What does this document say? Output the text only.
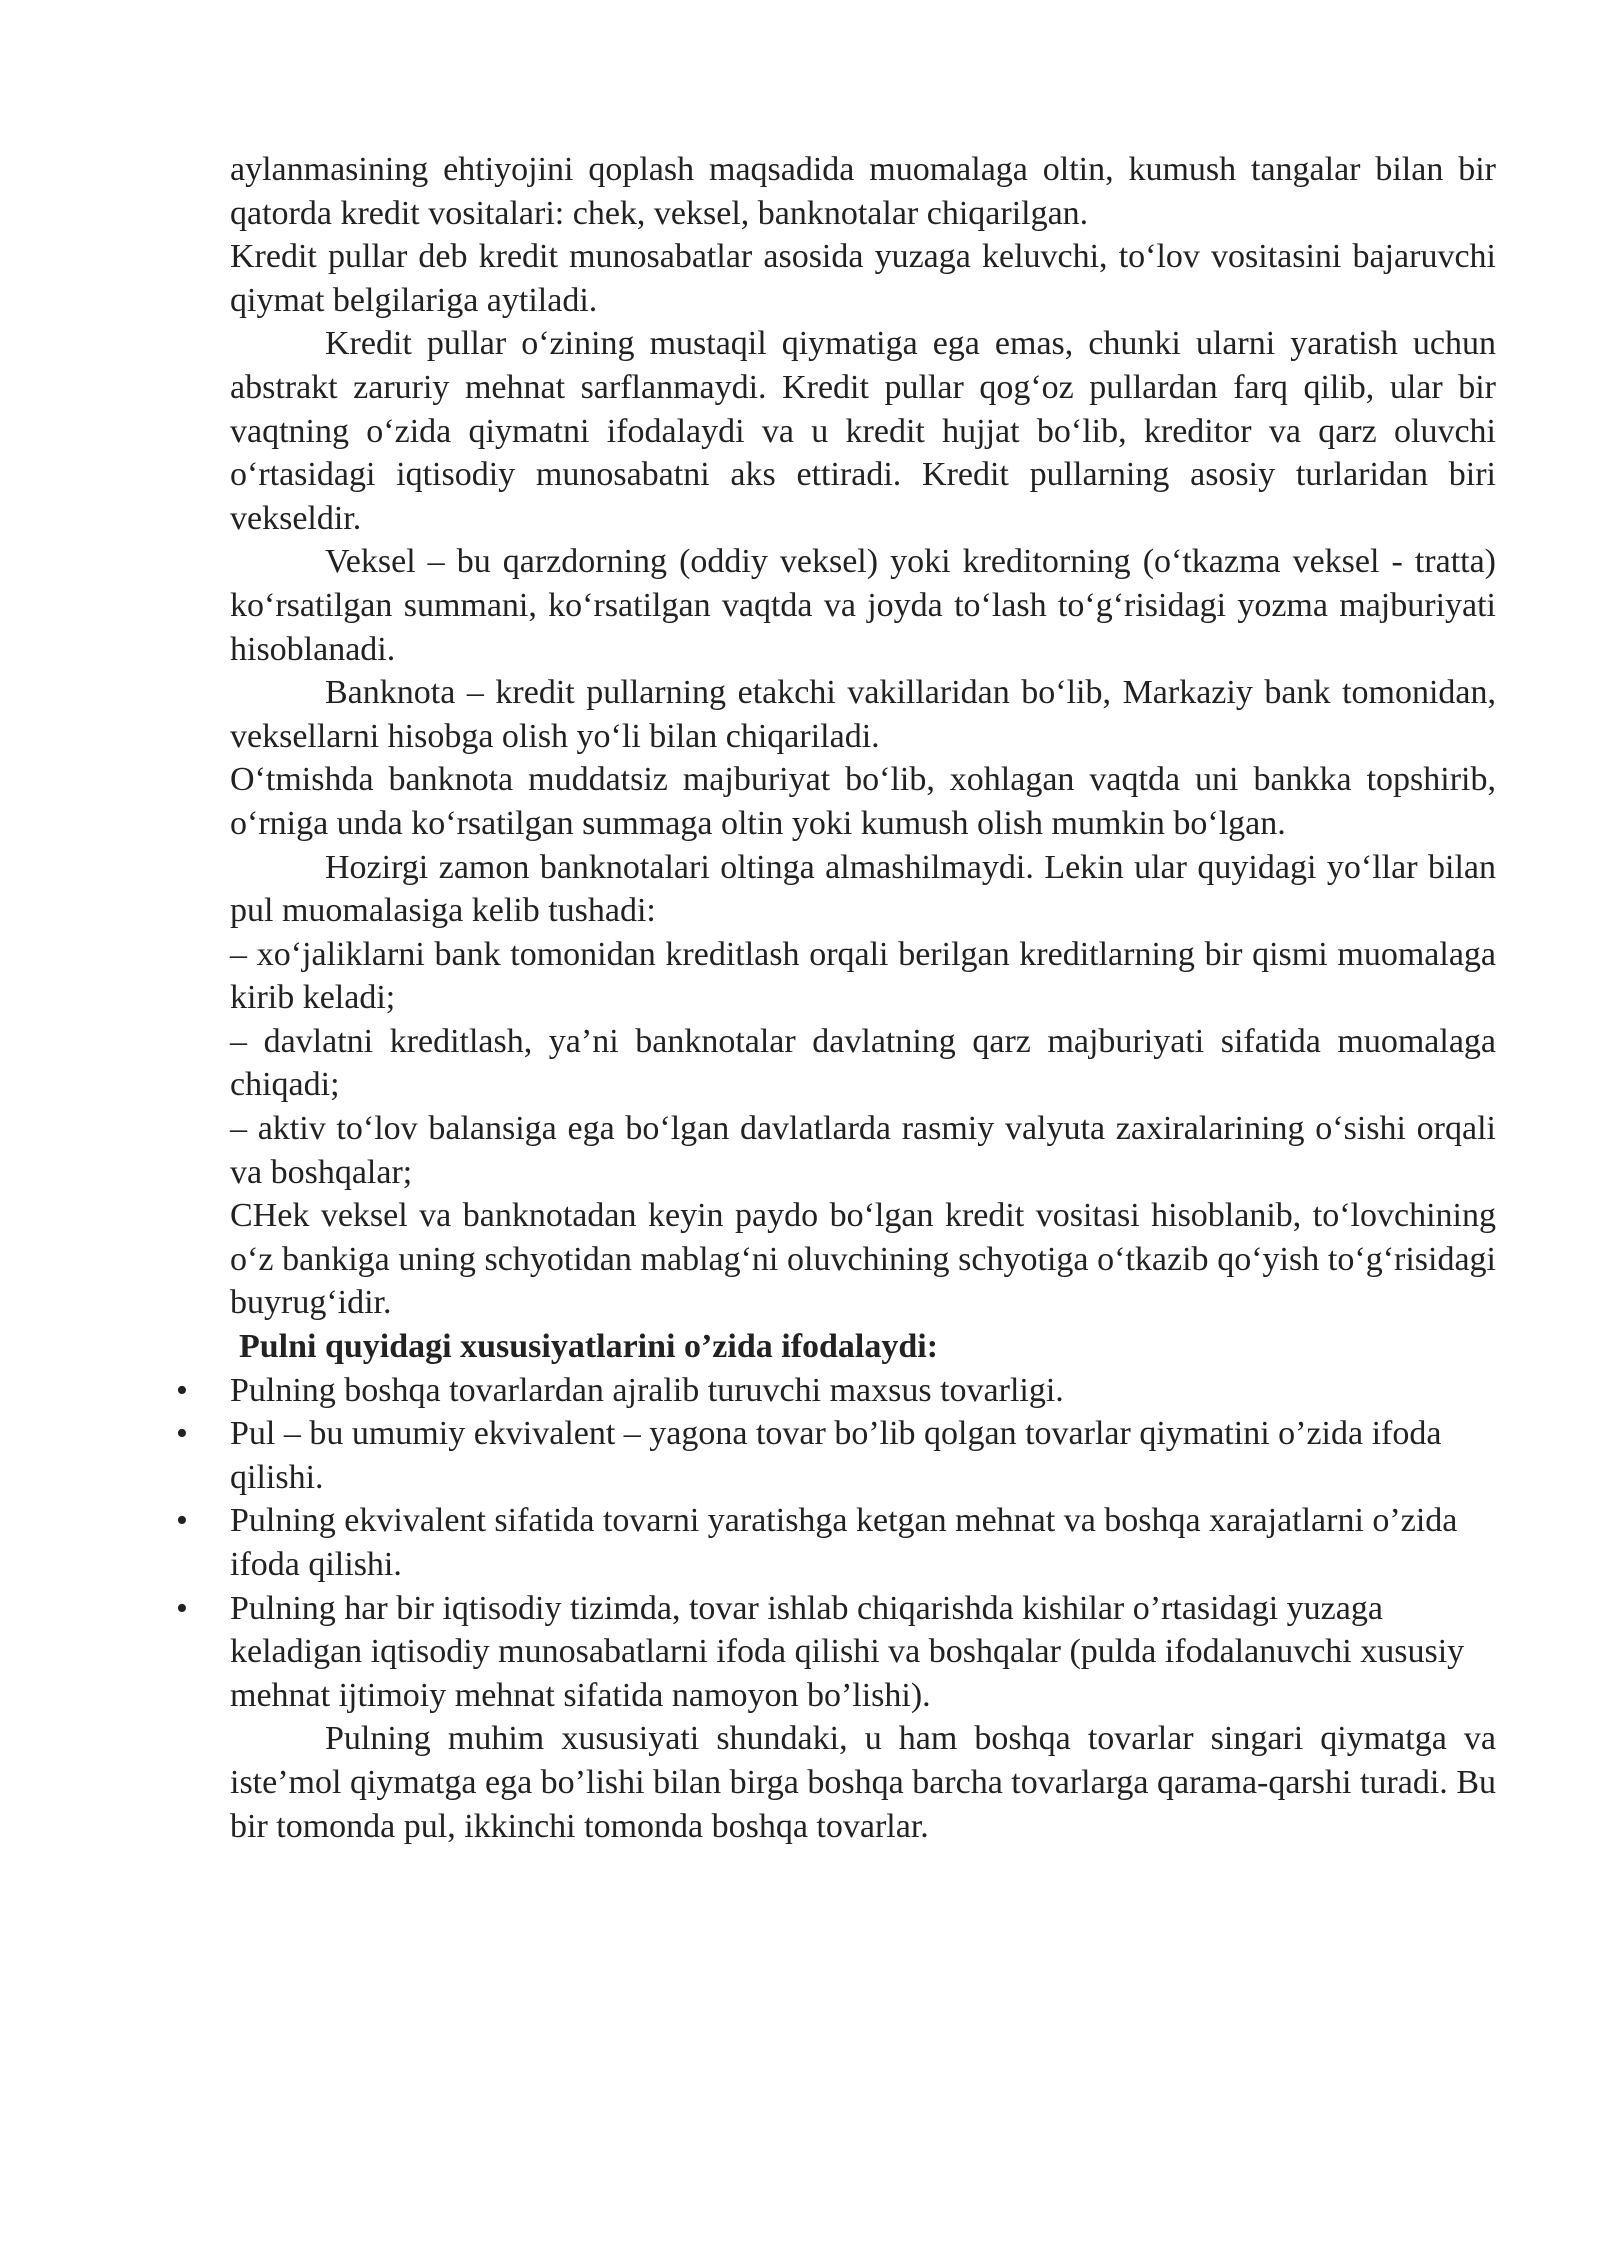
aylanmasining ehtiyojini qoplash maqsadida muomalaga oltin, kumush tangalar bilan bir qatorda kredit vositalari: chek, veksel, banknotalar chiqarilgan.

Kredit pullar deb kredit munosabatlar asosida yuzaga keluvchi, to‘lov vositasini bajaruvchi qiymat belgilariga aytiladi.

Kredit pullar o‘zining mustaqil qiymatiga ega emas, chunki ularni yaratish uchun abstrakt zaruriy mehnat sarflanmaydi. Kredit pullar qog‘oz pullardan farq qilib, ular bir vaqtning o‘zida qiymatni ifodalaydi va u kredit hujjat bo‘lib, kreditor va qarz oluvchi o‘rtasidagi iqtisodiy munosabatni aks ettiradi. Kredit pullarning asosiy turlaridan biri vekseldir.

Veksel – bu qarzdorning (oddiy veksel) yoki kreditorning (o‘tkazma veksel - tratta) ko‘rsatilgan summani, ko‘rsatilgan vaqtda va joyda to‘lash to‘g‘risidagi yozma majburiyati hisoblanadi.

Banknota – kredit pullarning etakchi vakillaridan bo‘lib, Markaziy bank tomonidan, veksellarni hisobga olish yo‘li bilan chiqariladi.

O‘tmishda banknota muddatsiz majburiyat bo‘lib, xohlagan vaqtda uni bankka topshirib, o‘rniga unda ko‘rsatilgan summaga oltin yoki kumush olish mumkin bo‘lgan.

Hozirgi zamon banknotalari oltinga almashilmaydi. Lekin ular quyidagi yo‘llar bilan pul muomalasiga kelib tushadi:

– xo‘jaliklarni bank tomonidan kreditlash orqali berilgan kreditlarning bir qismi muomalaga kirib keladi;

– davlatni kreditlash, ya’ni banknotalar davlatning qarz majburiyati sifatida muomalaga chiqadi;

– aktiv to‘lov balansiga ega bo‘lgan davlatlarda rasmiy valyuta zaxiralarining o‘sishi orqali va boshqalar;

CHek veksel va banknotadan keyin paydo bo‘lgan kredit vositasi hisoblanib, to‘lovchining o‘z bankiga uning schyotidan mablag‘ni oluvchining schyotiga o‘tkazib qo‘yish to‘g‘risidagi buyrug‘idir.

Pulni quyidagi xususiyatlarini o’zida ifodalaydi:

• Pulning boshqa tovarlardan ajralib turuvchi maxsus tovarligi.
• Pul – bu umumiy ekvivalent – yagona tovar bo’lib qolgan tovarlar qiymatini o’zida ifoda qilishi.
• Pulning ekvivalent sifatida tovarni yaratishga ketgan mehnat va boshqa xarajatlarni o’zida ifoda qilishi.
• Pulning har bir iqtisodiy tizimda, tovar ishlab chiqarishda kishilar o’rtasidagi yuzaga keladigan iqtisodiy munosabatlarni ifoda qilishi va boshqalar (pulda ifodalanuvchi xususiy mehnat ijtimoiy mehnat sifatida namoyon bo’lishi).

Pulning muhim xususiyati shundaki, u ham boshqa tovarlar singari qiymatga va iste’mol qiymatga ega bo’lishi bilan birga boshqa barcha tovarlarga qarama-qarshi turadi. Bu bir tomonda pul, ikkinchi tomonda boshqa tovarlar.
